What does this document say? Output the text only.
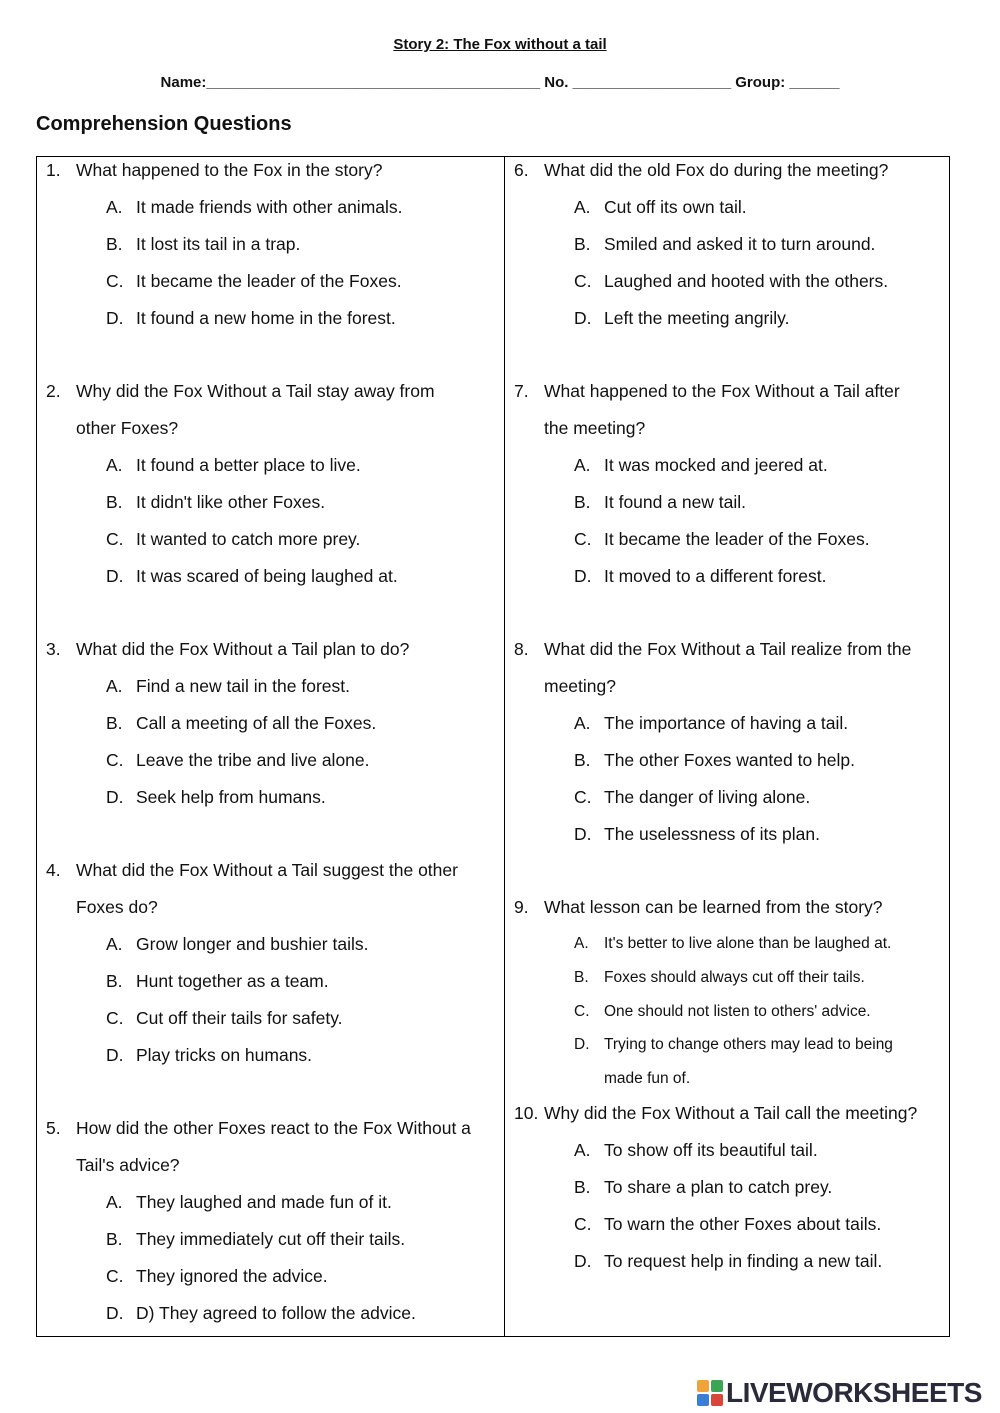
Story 2: The Fox without a tail
Name:________________________________________ No. ___________________ Group: ______
Comprehension Questions
1. What happened to the Fox in the story?
A. It made friends with other animals.
B. It lost its tail in a trap.
C. It became the leader of the Foxes.
D. It found a new home in the forest.
2. Why did the Fox Without a Tail stay away from
other Foxes?
A. It found a better place to live.
B. It didn't like other Foxes.
C. It wanted to catch more prey.
D. It was scared of being laughed at.
3. What did the Fox Without a Tail plan to do?
A. Find a new tail in the forest.
B. Call a meeting of all the Foxes.
C. Leave the tribe and live alone.
D. Seek help from humans.
4. What did the Fox Without a Tail suggest the other
Foxes do?
A. Grow longer and bushier tails.
B. Hunt together as a team.
C. Cut off their tails for safety.
D. Play tricks on humans.
5. How did the other Foxes react to the Fox Without a
Tail's advice?
A. They laughed and made fun of it.
B. They immediately cut off their tails.
C. They ignored the advice.
D. D) They agreed to follow the advice.
6. What did the old Fox do during the meeting?
A. Cut off its own tail.
B. Smiled and asked it to turn around.
C. Laughed and hooted with the others.
D. Left the meeting angrily.
7. What happened to the Fox Without a Tail after
the meeting?
A. It was mocked and jeered at.
B. It found a new tail.
C. It became the leader of the Foxes.
D. It moved to a different forest.
8. What did the Fox Without a Tail realize from the
meeting?
A. The importance of having a tail.
B. The other Foxes wanted to help.
C. The danger of living alone.
D. The uselessness of its plan.
9. What lesson can be learned from the story?
A. It's better to live alone than be laughed at.
B. Foxes should always cut off their tails.
C. One should not listen to others' advice.
D. Trying to change others may lead to being
made fun of.
10. Why did the Fox Without a Tail call the meeting?
A. To show off its beautiful tail.
B. To share a plan to catch prey.
C. To warn the other Foxes about tails.
D. To request help in finding a new tail.
LIVEWORKSHEETS
